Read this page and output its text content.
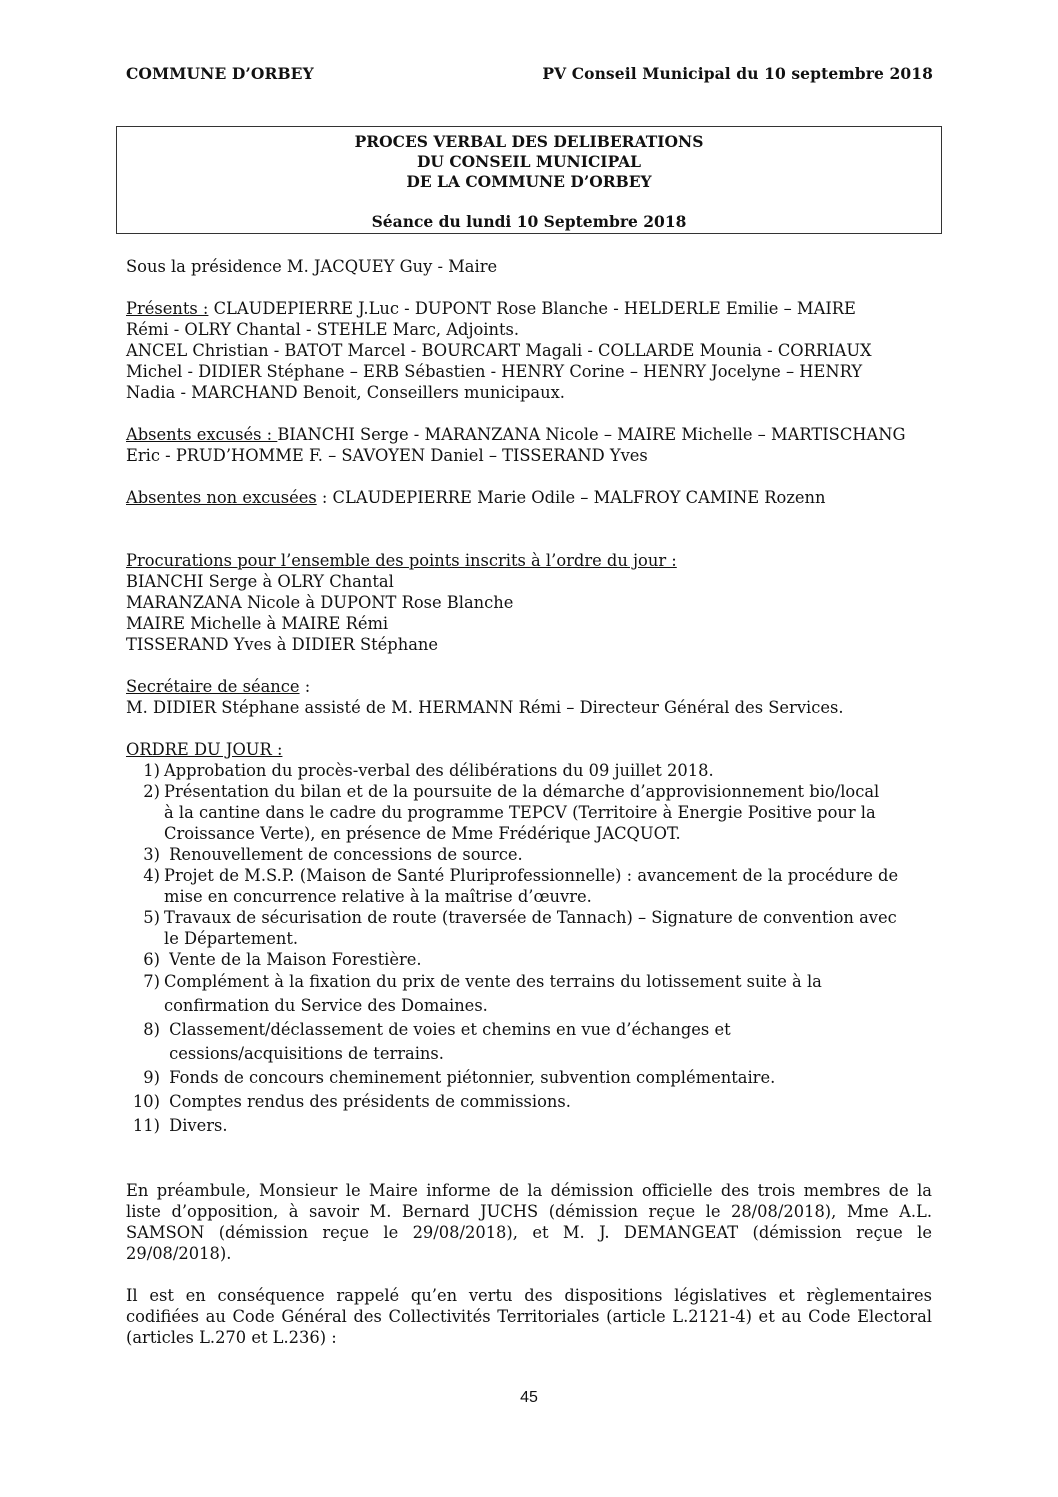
COMMUNE D’ORBEY	PV Conseil Municipal du 10 septembre 2018
PROCES VERBAL DES DELIBERATIONS
DU CONSEIL MUNICIPAL
DE LA COMMUNE D’ORBEY
Séance du lundi 10 Septembre 2018

Sous la présidence M. JACQUEY Guy - Maire

Présents : CLAUDEPIERRE J.Luc - DUPONT Rose Blanche - HELDERLE Emilie – MAIRE

Rémi - OLRY Chantal - STEHLE Marc, Adjoints.

ANCEL Christian - BATOT Marcel - BOURCART Magali - COLLARDE Mounia - CORRIAUX

Michel - DIDIER Stéphane – ERB Sébastien - HENRY Corine – HENRY Jocelyne – HENRY

Nadia - MARCHAND Benoit, Conseillers municipaux.

Absents excusés : BIANCHI Serge - MARANZANA Nicole – MAIRE Michelle – MARTISCHANG

Eric - PRUD’HOMME F. – SAVOYEN Daniel – TISSERAND Yves

Absentes non excusées : CLAUDEPIERRE Marie Odile – MALFROY CAMINE Rozenn

Procurations pour l’ensemble des points inscrits à l’ordre du jour :

BIANCHI Serge à OLRY Chantal

MARANZANA Nicole à DUPONT Rose Blanche

MAIRE Michelle à MAIRE Rémi

TISSERAND Yves à DIDIER Stéphane

Secrétaire de séance :

M. DIDIER Stéphane assisté de M. HERMANN Rémi – Directeur Général des Services.

ORDRE DU JOUR :

1) Approbation du procès-verbal des délibérations du 09 juillet 2018.
2) Présentation du bilan et de la poursuite de la démarche d’approvisionnement bio/local
à la cantine dans le cadre du programme TEPCV (Territoire à Energie Positive pour la
Croissance Verte), en présence de Mme Frédérique JACQUOT.
3) Renouvellement de concessions de source.
4) Projet de M.S.P. (Maison de Santé Pluriprofessionnelle) : avancement de la procédure de
mise en concurrence relative à la maîtrise d’œuvre.
5) Travaux de sécurisation de route (traversée de Tannach) – Signature de convention avec
le Département.
6) Vente de la Maison Forestière.
7) Complément à la fixation du prix de vente des terrains du lotissement suite à la
confirmation du Service des Domaines.
8) Classement/déclassement de voies et chemins en vue d’échanges et
cessions/acquisitions de terrains.
9) Fonds de concours cheminement piétonnier, subvention complémentaire.
10) Comptes rendus des présidents de commissions.
11) Divers.

En préambule, Monsieur le Maire informe de la démission officielle des trois membres de la

liste d’opposition, à savoir M. Bernard JUCHS (démission reçue le 28/08/2018), Mme A.L.

SAMSON (démission reçue le 29/08/2018), et M. J. DEMANGEAT (démission reçue le

29/08/2018).

Il est en conséquence rappelé qu’en vertu des dispositions législatives et règlementaires

codifiées au Code Général des Collectivités Territoriales (article L.2121-4) et au Code Electoral

(articles L.270 et L.236) :

45
